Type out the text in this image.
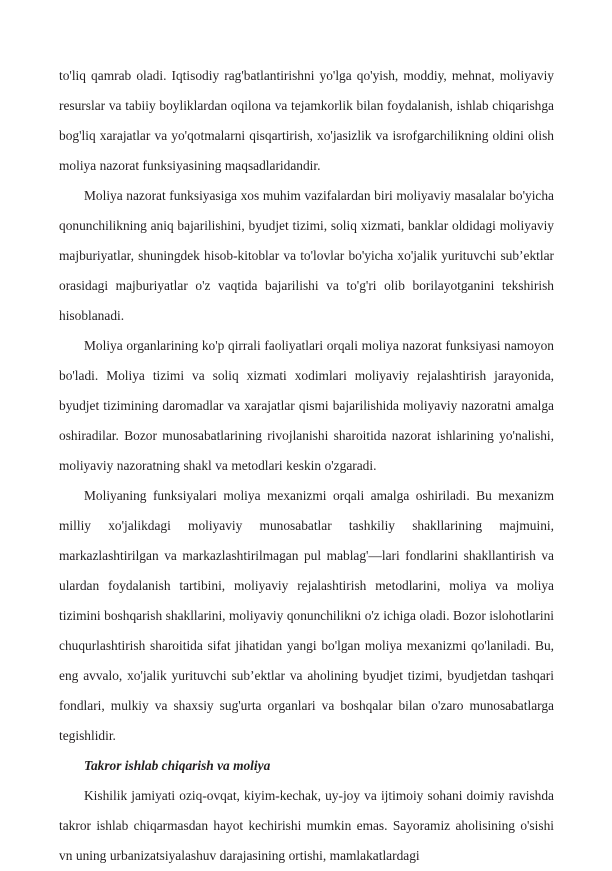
to'liq qamrab oladi. Iqtisodiy rag'batlantirishni yo'lga qo'yish, moddiy, mehnat, moliyaviy resurslar va tabiiy boyliklardan oqilona va tejamkorlik bilan foydalanish, ishlab chiqarishga bog'liq xarajatlar va yo'qotmalarni qisqartirish, xo'jasizlik va isrofgarchilikning oldini olish moliya nazorat funksiyasining maqsadlaridandir.

Moliya nazorat funksiyasiga xos muhim vazifalardan biri moliyaviy masalalar bo'yicha qonunchilikning aniq bajarilishini, byudjet tizimi, soliq xizmati, banklar oldidagi moliyaviy majburiyatlar, shuningdek hisob-kitoblar va to'lovlar bo'yicha xo'jalik yurituvchi sub’ektlar orasidagi majburiyatlar o'z vaqtida bajarilishi va to'g'ri olib borilayotganini tekshirish hisoblanadi.

Moliya organlarining ko'p qirrali faoliyatlari orqali moliya nazorat funksiyasi namoyon bo'ladi. Moliya tizimi va soliq xizmati xodimlari moliyaviy rejalashtirish jarayonida, byudjet tizimining daromadlar va xarajatlar qismi bajarilishida moliyaviy nazoratni amalga oshiradilar. Bozor munosabatlarining rivojlanishi sharoitida nazorat ishlarining yo'nalishi, moliyaviy nazoratning shakl va metodlari keskin o'zgaradi.

Moliyaning funksiyalari moliya mexanizmi orqali amalga oshiriladi. Bu mexanizm milliy xo'jalikdagi moliyaviy munosabatlar tashkiliy shakllarining majmuini, markazlashtirilgan va markazlashtirilmagan pul mablag'—lari fondlarini shakllantirish va ulardan foydalanish tartibini, moliyaviy rejalashtirish metodlarini, moliya va moliya tizimini boshqarish shakllarini, moliyaviy qonunchilikni o'z ichiga oladi. Bozor islohotlarini chuqurlashtirish sharoitida sifat jihatidan yangi bo'lgan moliya mexanizmi qo'laniladi. Bu, eng avvalo, xo'jalik yurituvchi sub’ektlar va aholining byudjet tizimi, byudjetdan tashqari fondlari, mulkiy va shaxsiy sug'urta organlari va boshqalar bilan o'zaro munosabatlarga tegishlidir.

Takror ishlab chiqarish va moliya

Kishilik jamiyati oziq-ovqat, kiyim-kechak, uy-joy va ijtimoiy sohani doimiy ravishda takror ishlab chiqarmasdan hayot kechirishi mumkin emas. Sayoramiz aholisining o'sishi vn uning urbanizatsiyalashuv darajasining ortishi, mamlakatlardagi
